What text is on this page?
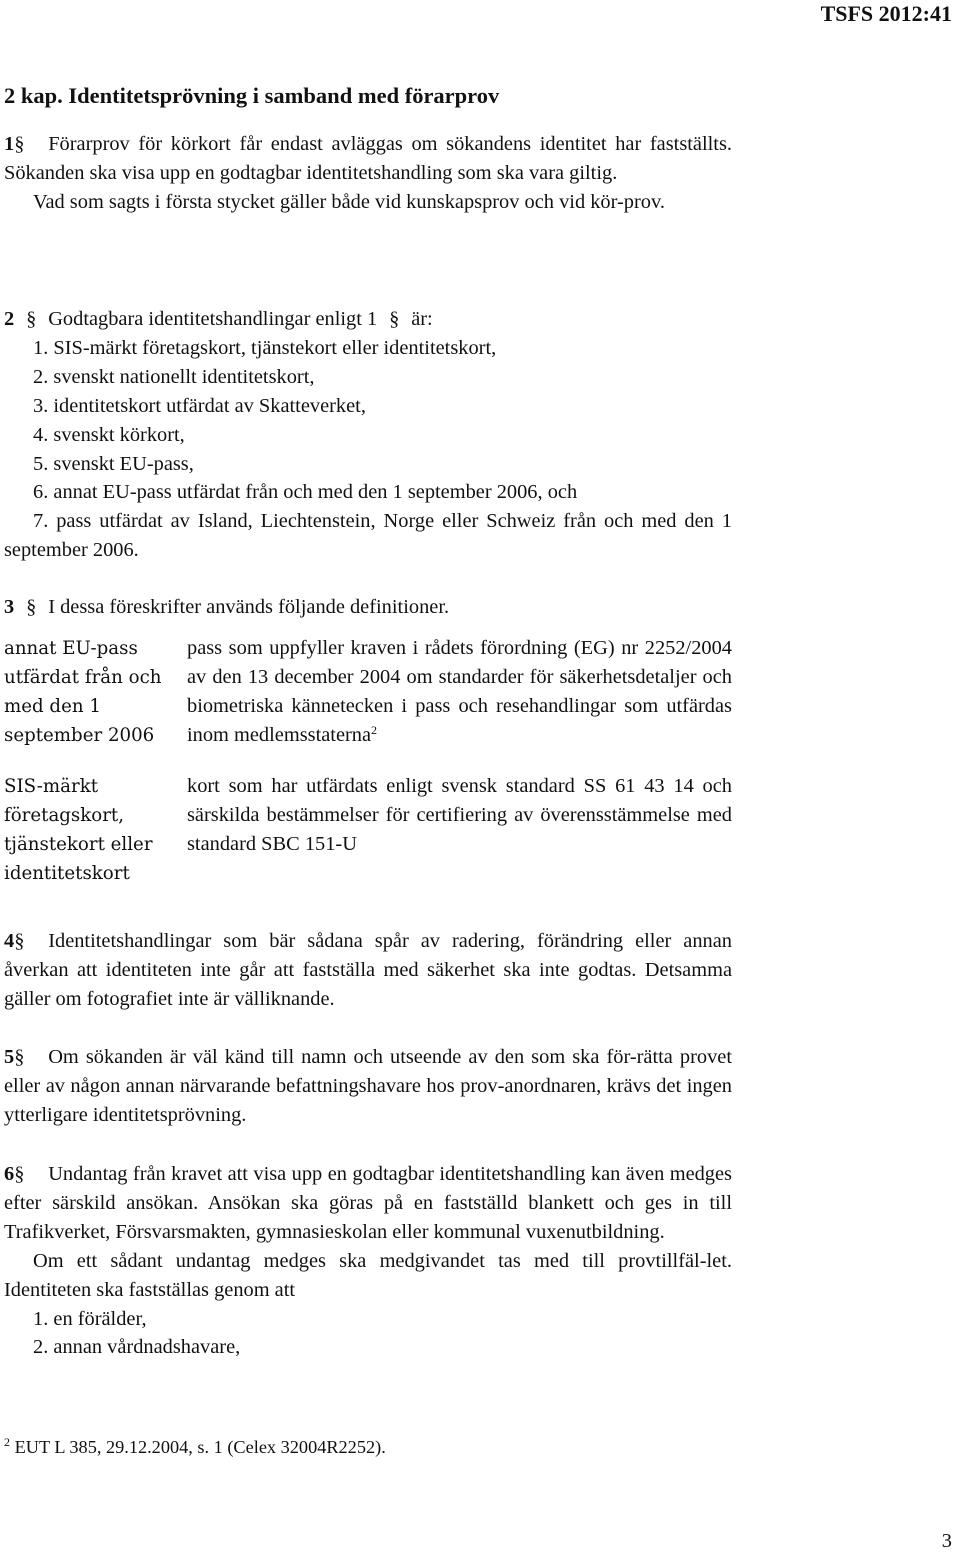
TSFS 2012:41
2 kap. Identitetsprövning i samband med förarprov

1§ Förarprov för körkort får endast avläggas om sökandens identitet har fastställts. Sökanden ska visa upp en godtagbar identitetshandling som ska vara giltig.

Vad som sagts i första stycket gäller både vid kunskapsprov och vid kör-prov.

2 § Godtagbara identitetshandlingar enligt 1 § är:

1. SIS-märkt företagskort, tjänstekort eller identitetskort,
2. svenskt nationellt identitetskort,
3. identitetskort utfärdat av Skatteverket,
4. svenskt körkort,
5. svenskt EU-pass,
6. annat EU-pass utfärdat från och med den 1 september 2006, och
7. pass utfärdat av Island, Liechtenstein, Norge eller Schweiz från och med den 1 september 2006.

3 § I dessa föreskrifter används följande definitioner.

annat EU-pass utfärdat från och med den 1 september 2006
pass som uppfyller kraven i rådets förordning (EG) nr 2252/2004 av den 13 december 2004 om standarder för säkerhetsdetaljer och biometriska kännetecken i pass och resehandlingar som utfärdas inom medlemsstaterna$^2$
SIS-märkt företagskort, tjänstekort eller identitetskort
kort som har utfärdats enligt svensk standard SS 61 43 14 och särskilda bestämmelser för certifiering av överensstämmelse med standard SBC 151-U

4§ Identitetshandlingar som bär sådana spår av radering, förändring eller annan åverkan att identiteten inte går att fastställa med säkerhet ska inte godtas. Detsamma gäller om fotografiet inte är välliknande.

5§ Om sökanden är väl känd till namn och utseende av den som ska för-rätta provet eller av någon annan närvarande befattningshavare hos prov-anordnaren, krävs det ingen ytterligare identitetsprövning.

6§ Undantag från kravet att visa upp en godtagbar identitetshandling kan även medges efter särskild ansökan. Ansökan ska göras på en fastställd blankett och ges in till Trafikverket, Försvarsmakten, gymnasieskolan eller kommunal vuxenutbildning.

Om ett sådant undantag medges ska medgivandet tas med till provtillfäl-let. Identiteten ska fastställas genom att

1. en förälder,
2. annan vårdnadshavare,
$^2$ EUT L 385, 29.12.2004, s. 1 (Celex 32004R2252).
3
